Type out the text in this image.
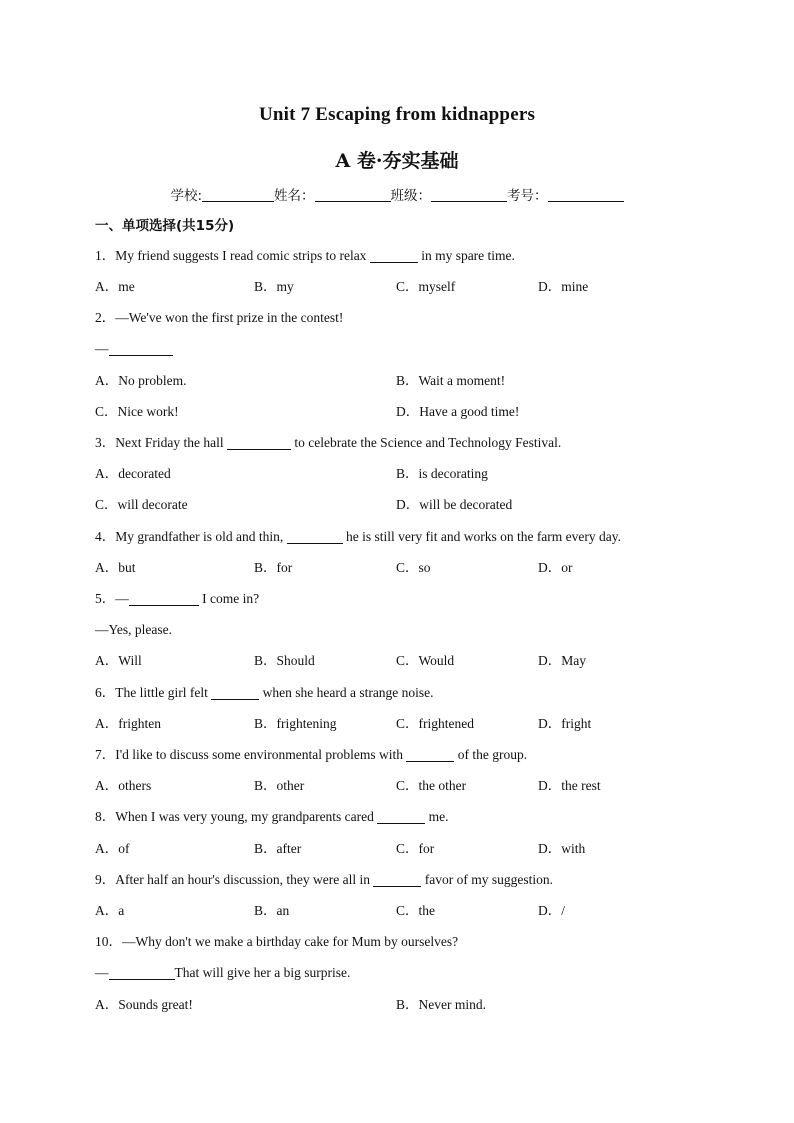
Unit 7 Escaping from kidnappers
A 卷·夯实基础
学校:	姓名：	班级：	考号：
一、单项选择(共15分)
1．My friend suggests I read comic strips to relax	in my spare time.
A．me	B．my	C．myself	D．mine
2．—We've won the first prize in the contest!
—
A．No problem.	B．Wait a moment!
C．Nice work!	D．Have a good time!
3．Next Friday the hall	to celebrate the Science and Technology Festival.
A．decorated	B．is decorating
C．will decorate	D．will be decorated
4．My grandfather is old and thin,	he is still very fit and works on the farm every day.
A．but	B．for	C．so	D．or
5．—	I come in?
—Yes, please.
A．Will	B．Should	C．Would	D．May
6．The little girl felt	when she heard a strange noise.
A．frighten	B．frightening	C．frightened	D．fright
7．I'd like to discuss some environmental problems with	of the group.
A．others	B．other	C．the other	D．the rest
8．When I was very young, my grandparents cared	me.
A．of	B．after	C．for	D．with
9．After half an hour's discussion, they were all in	favor of my suggestion.
A．a	B．an	C．the	D．/
10．—Why don't we make a birthday cake for Mum by ourselves?
—	That will give her a big surprise.
A．Sounds great!	B．Never mind.
